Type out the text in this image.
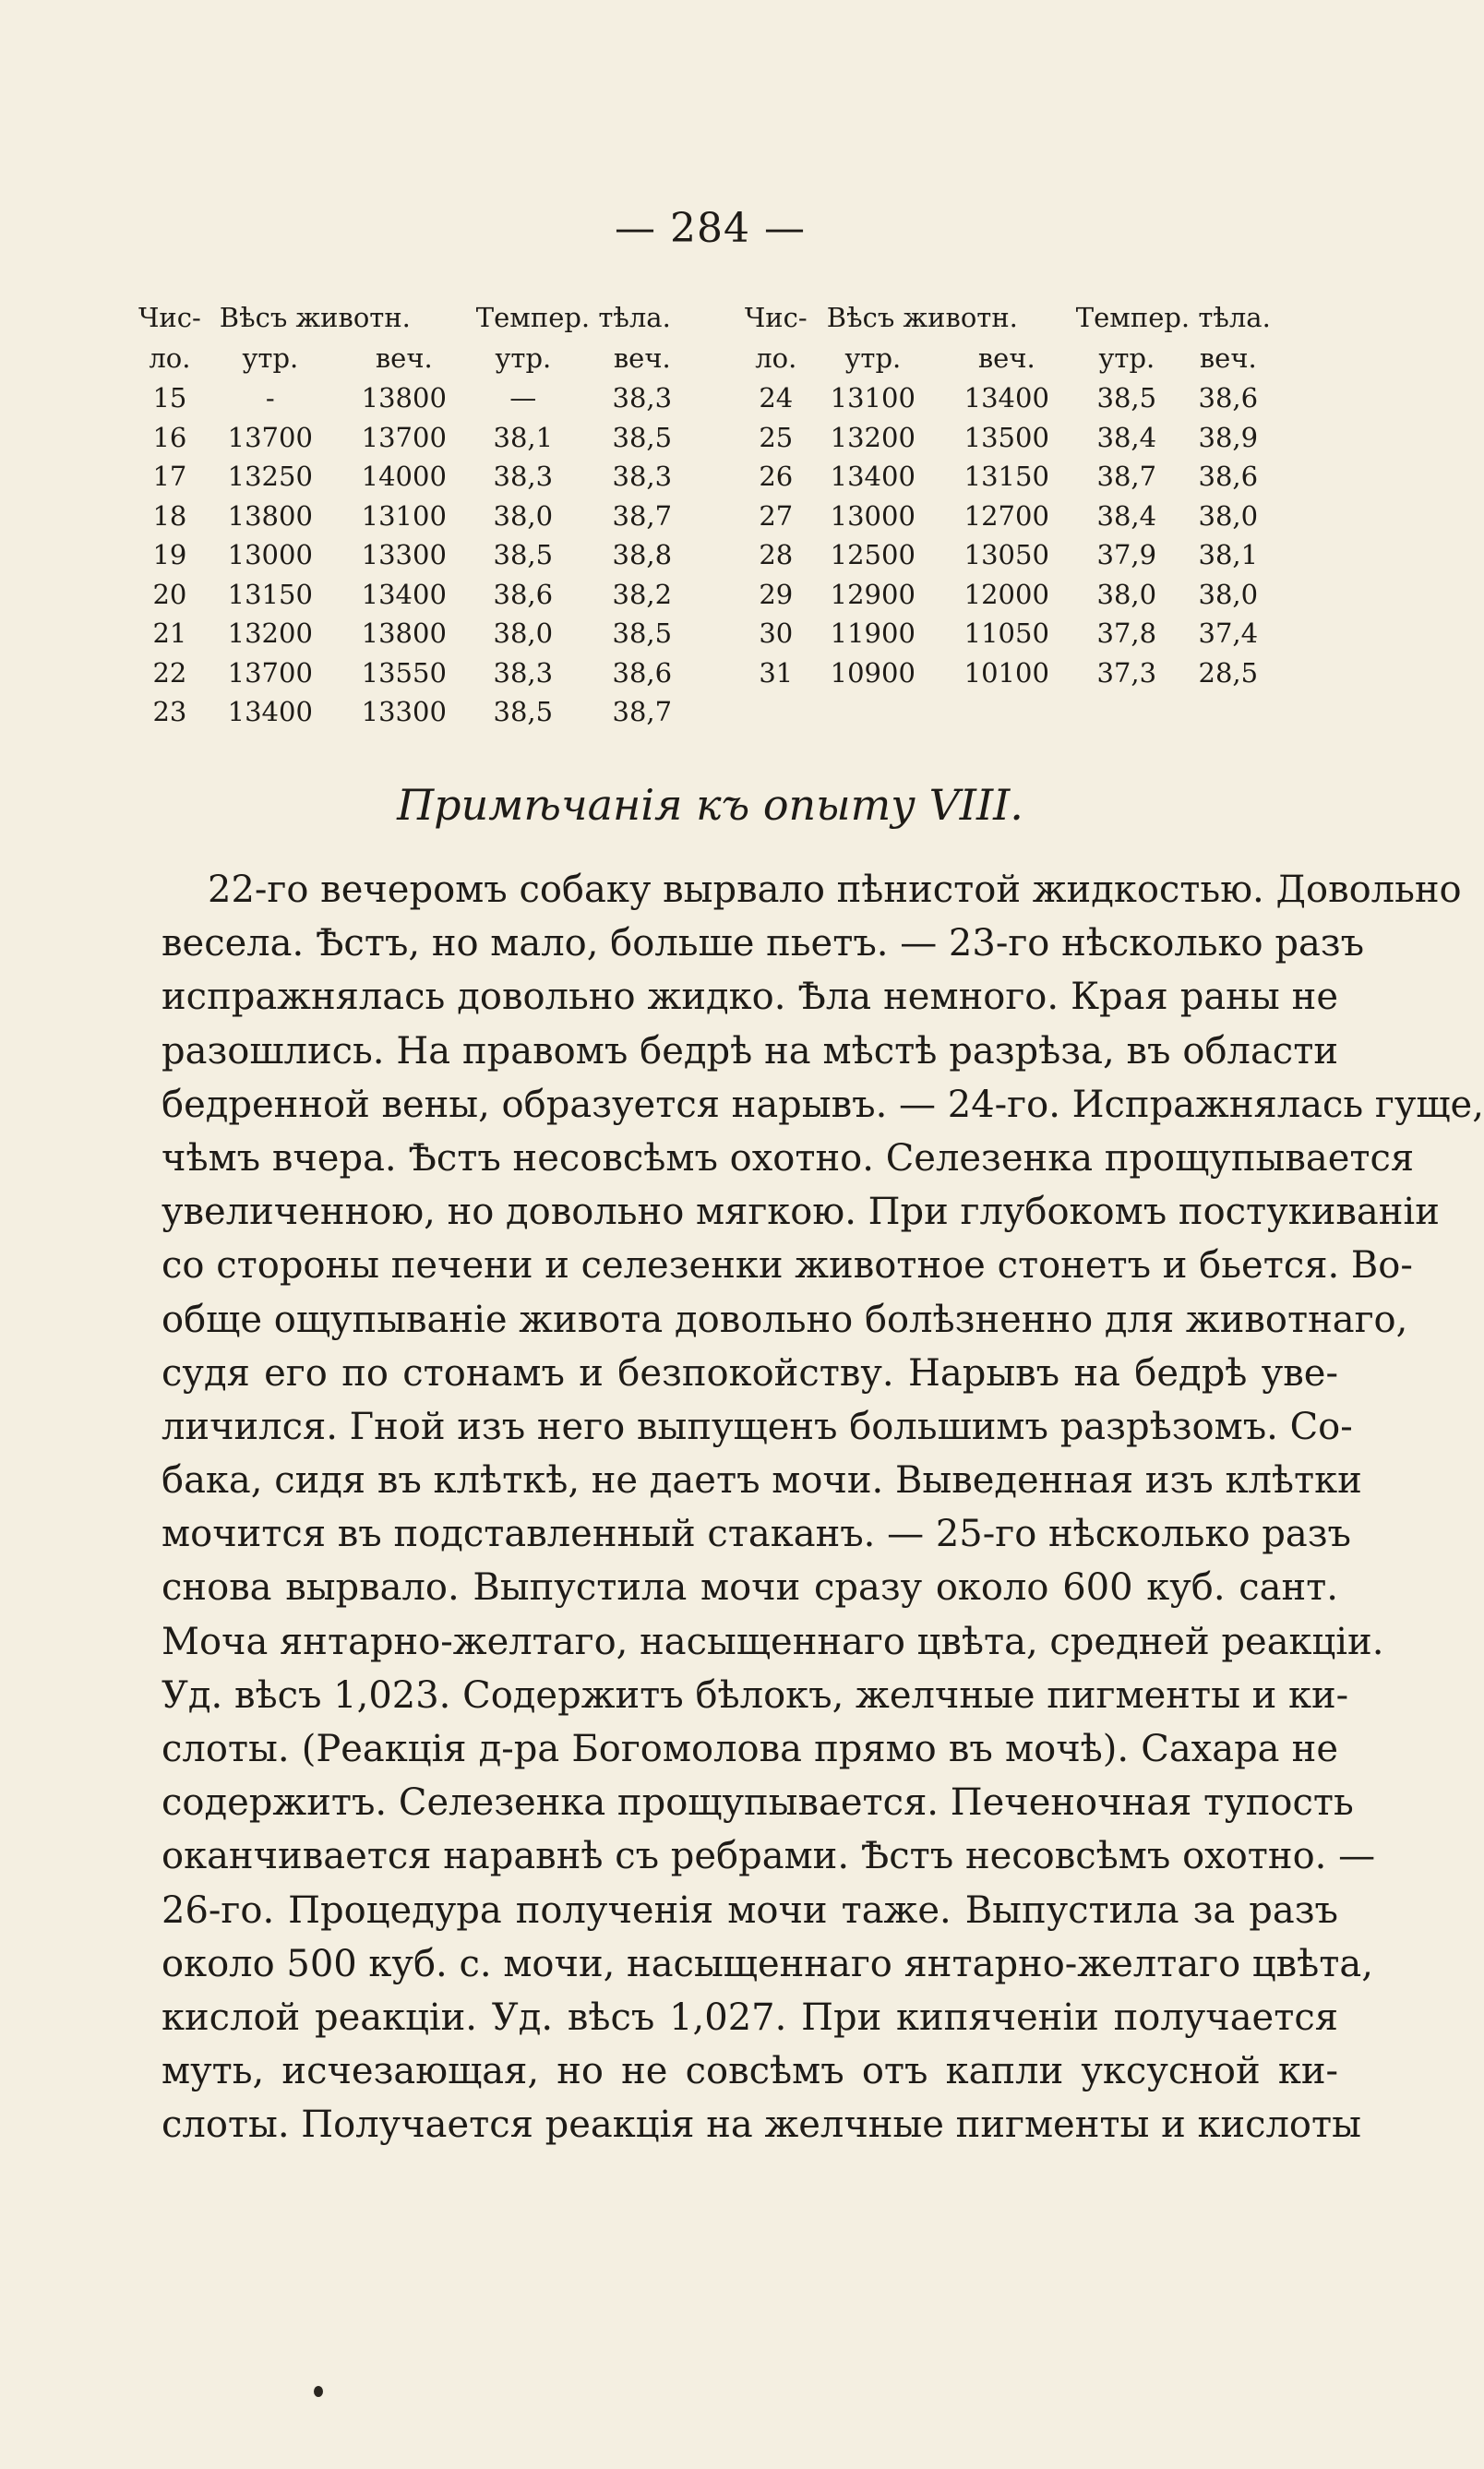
— 284 —
Чис-	Вѣсъ животн.		Темпер. тѣла.			Чис-	Вѣсъ животн.		Темпер. тѣла.	
ло.	утр.	веч.	утр.	веч.		ло.	утр.	веч.	утр.	веч.
15	-	13800	—	38,3		24	13100	13400	38,5	38,6
16	13700	13700	38,1	38,5		25	13200	13500	38,4	38,9
17	13250	14000	38,3	38,3		26	13400	13150	38,7	38,6
18	13800	13100	38,0	38,7		27	13000	12700	38,4	38,0
19	13000	13300	38,5	38,8		28	12500	13050	37,9	38,1
20	13150	13400	38,6	38,2		29	12900	12000	38,0	38,0
21	13200	13800	38,0	38,5		30	11900	11050	37,8	37,4
22	13700	13550	38,3	38,6		31	10900	10100	37,3	28,5
23	13400	13300	38,5	38,7						
Примѣчанія къ опыту VIII.
22-го вечеромъ собаку вырвало пѣнистой жидкостью. Довольно
весела. Ѣстъ, но мало, больше пьетъ. — 23-го нѣсколько разъ
испражнялась довольно жидко. Ѣла немного. Края раны не
разошлись. На правомъ бедрѣ на мѣстѣ разрѣза, въ области
бедренной вены, образуется нарывъ. — 24-го. Испражнялась гуще,
чѣмъ вчера. Ѣстъ несовсѣмъ охотно. Селезенка прощупывается
увеличенною, но довольно мягкою. При глубокомъ постукиваніи
со стороны печени и селезенки животное стонетъ и бьется. Во-
обще ощупываніе живота довольно болѣзненно для животнаго,
судя его по стонамъ и безпокойству. Нарывъ на бедрѣ уве-
личился. Гной изъ него выпущенъ большимъ разрѣзомъ. Со-
бака, сидя въ клѣткѣ, не даетъ мочи. Выведенная изъ клѣтки
мочится въ подставленный стаканъ. — 25-го нѣсколько разъ
снова вырвало. Выпустила мочи сразу около 600 куб. сант.
Моча янтарно-желтаго, насыщеннаго цвѣта, средней реакціи.
Уд. вѣсъ 1,023. Содержитъ бѣлокъ, желчные пигменты и ки-
слоты. (Реакція д-ра Богомолова прямо въ мочѣ). Сахара не
содержитъ. Селезенка прощупывается. Печеночная тупость
оканчивается наравнѣ съ ребрами. Ѣстъ несовсѣмъ охотно. —
26-го. Процедура полученія мочи таже. Выпустила за разъ
около 500 куб. с. мочи, насыщеннаго янтарно-желтаго цвѣта,
кислой реакціи. Уд. вѣсъ 1,027. При кипяченіи получается
муть, исчезающая, но не совсѣмъ отъ капли уксусной ки-
слоты. Получается реакція на желчные пигменты и кислоты
